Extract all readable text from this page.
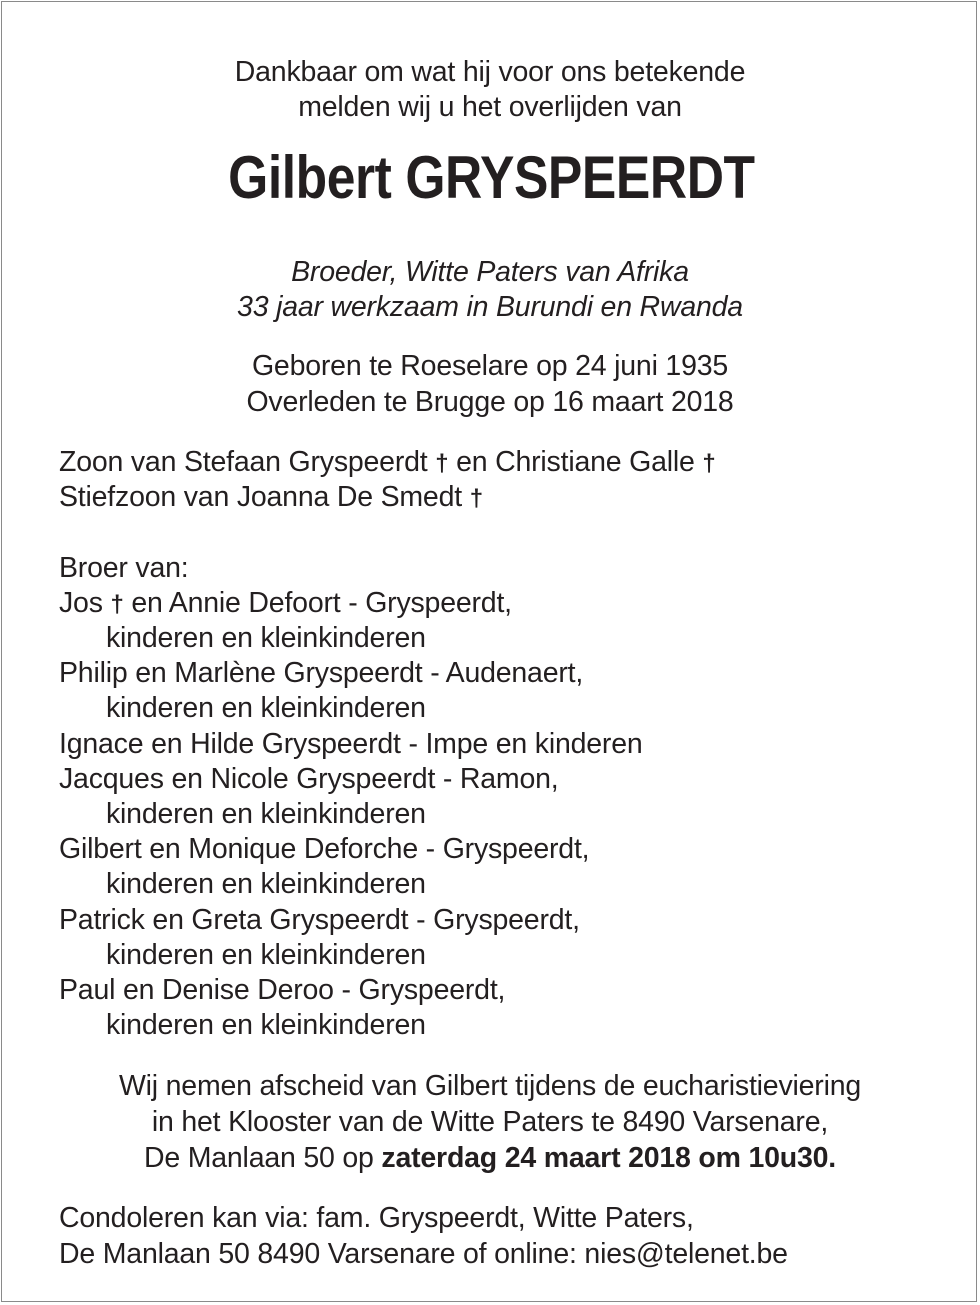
Dankbaar om wat hij voor ons betekende
melden wij u het overlijden van
Gilbert GRYSPEERDT
Broeder, Witte Paters van Afrika
33 jaar werkzaam in Burundi en Rwanda
Geboren te Roeselare op 24 juni 1935
Overleden te Brugge op 16 maart 2018
Zoon van Stefaan Gryspeerdt † en Christiane Galle †
Stiefzoon van Joanna De Smedt †
Broer van:
Jos † en Annie Defoort - Gryspeerdt,
kinderen en kleinkinderen
Philip en Marlène Gryspeerdt - Audenaert,
kinderen en kleinkinderen
Ignace en Hilde Gryspeerdt - Impe en kinderen
Jacques en Nicole Gryspeerdt - Ramon,
kinderen en kleinkinderen
Gilbert en Monique Deforche - Gryspeerdt,
kinderen en kleinkinderen
Patrick en Greta Gryspeerdt - Gryspeerdt,
kinderen en kleinkinderen
Paul en Denise Deroo - Gryspeerdt,
kinderen en kleinkinderen
Wij nemen afscheid van Gilbert tijdens de eucharistieviering
in het Klooster van de Witte Paters te 8490 Varsenare,
De Manlaan 50 op zaterdag 24 maart 2018 om 10u30.
Condoleren kan via: fam. Gryspeerdt, Witte Paters,
De Manlaan 50 8490 Varsenare of online: nies@telenet.be
